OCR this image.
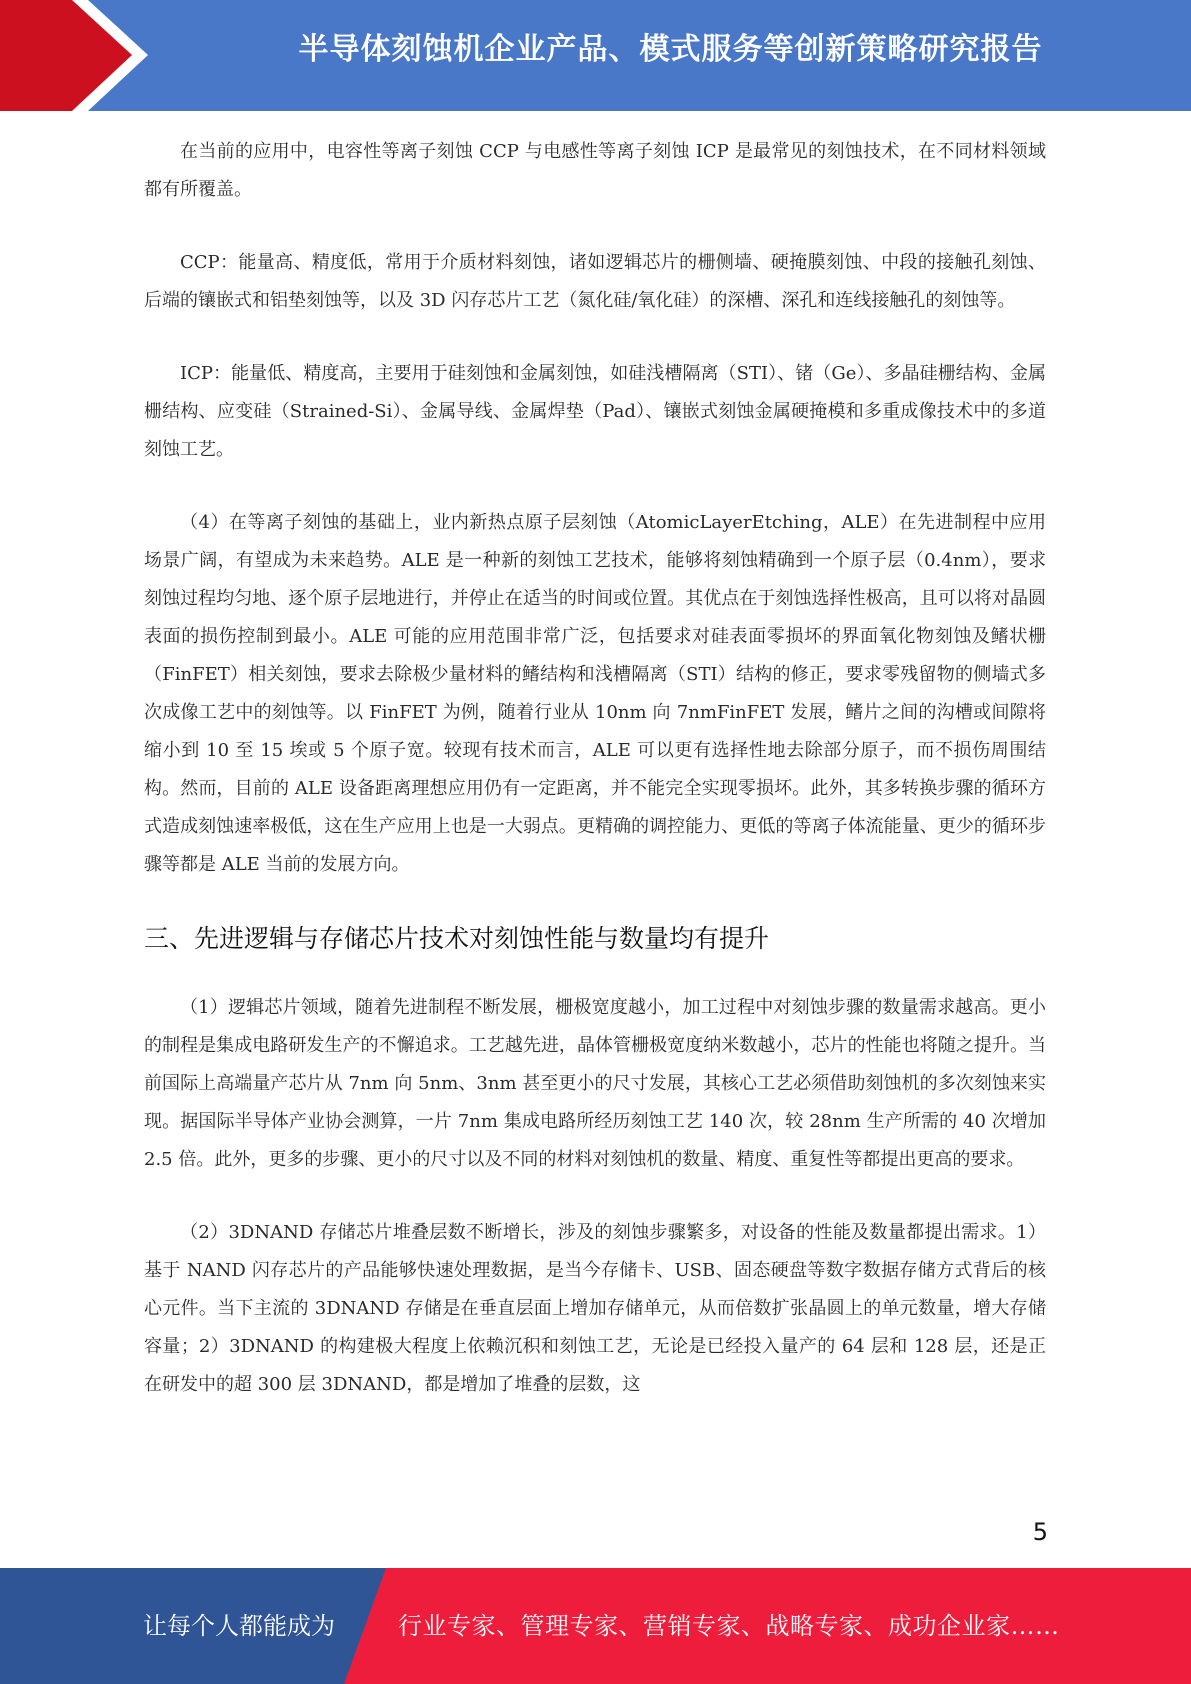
半导体刻蚀机企业产品、模式服务等创新策略研究报告

在当前的应用中，电容性等离子刻蚀 CCP 与电感性等离子刻蚀 ICP 是最常见的刻蚀技术，在不同材料领域都有所覆盖。

CCP：能量高、精度低，常用于介质材料刻蚀，诸如逻辑芯片的栅侧墙、硬掩膜刻蚀、中段的接触孔刻蚀、后端的镶嵌式和铝垫刻蚀等，以及 3D 闪存芯片工艺（氮化硅/氧化硅）的深槽、深孔和连线接触孔的刻蚀等。

ICP：能量低、精度高，主要用于硅刻蚀和金属刻蚀，如硅浅槽隔离（STI）、锗（Ge）、多晶硅栅结构、金属栅结构、应变硅（Strained-Si）、金属导线、金属焊垫（Pad）、镶嵌式刻蚀金属硬掩模和多重成像技术中的多道刻蚀工艺。

（4）在等离子刻蚀的基础上，业内新热点原子层刻蚀（AtomicLayerEtching，ALE）在先进制程中应用场景广阔，有望成为未来趋势。ALE 是一种新的刻蚀工艺技术，能够将刻蚀精确到一个原子层（0.4nm），要求刻蚀过程均匀地、逐个原子层地进行，并停止在适当的时间或位置。其优点在于刻蚀选择性极高，且可以将对晶圆表面的损伤控制到最小。ALE 可能的应用范围非常广泛，包括要求对硅表面零损坏的界面氧化物刻蚀及鳍状栅（FinFET）相关刻蚀，要求去除极少量材料的鳍结构和浅槽隔离（STI）结构的修正，要求零残留物的侧墙式多次成像工艺中的刻蚀等。以 FinFET 为例，随着行业从 10nm 向 7nmFinFET 发展，鳍片之间的沟槽或间隙将缩小到 10 至 15 埃或 5 个原子宽。较现有技术而言，ALE 可以更有选择性地去除部分原子，而不损伤周围结构。然而，目前的 ALE 设备距离理想应用仍有一定距离，并不能完全实现零损坏。此外，其多转换步骤的循环方式造成刻蚀速率极低，这在生产应用上也是一大弱点。更精确的调控能力、更低的等离子体流能量、更少的循环步骤等都是 ALE 当前的发展方向。

三、先进逻辑与存储芯片技术对刻蚀性能与数量均有提升

（1）逻辑芯片领域，随着先进制程不断发展，栅极宽度越小，加工过程中对刻蚀步骤的数量需求越高。更小的制程是集成电路研发生产的不懈追求。工艺越先进，晶体管栅极宽度纳米数越小，芯片的性能也将随之提升。当前国际上高端量产芯片从 7nm 向 5nm、3nm 甚至更小的尺寸发展，其核心工艺必须借助刻蚀机的多次刻蚀来实现。据国际半导体产业协会测算，一片 7nm 集成电路所经历刻蚀工艺 140 次，较 28nm 生产所需的 40 次增加 2.5 倍。此外，更多的步骤、更小的尺寸以及不同的材料对刻蚀机的数量、精度、重复性等都提出更高的要求。

（2）3DNAND 存储芯片堆叠层数不断增长，涉及的刻蚀步骤繁多，对设备的性能及数量都提出需求。1）基于 NAND 闪存芯片的产品能够快速处理数据，是当今存储卡、USB、固态硬盘等数字数据存储方式背后的核心元件。当下主流的 3DNAND 存储是在垂直层面上增加存储单元，从而倍数扩张晶圆上的单元数量，增大存储容量；2）3DNAND 的构建极大程度上依赖沉积和刻蚀工艺，无论是已经投入量产的 64 层和 128 层，还是正在研发中的超 300 层 3DNAND，都是增加了堆叠的层数，这

5
让每个人都能成为	行业专家、管理专家、营销专家、战略专家、成功企业家……
